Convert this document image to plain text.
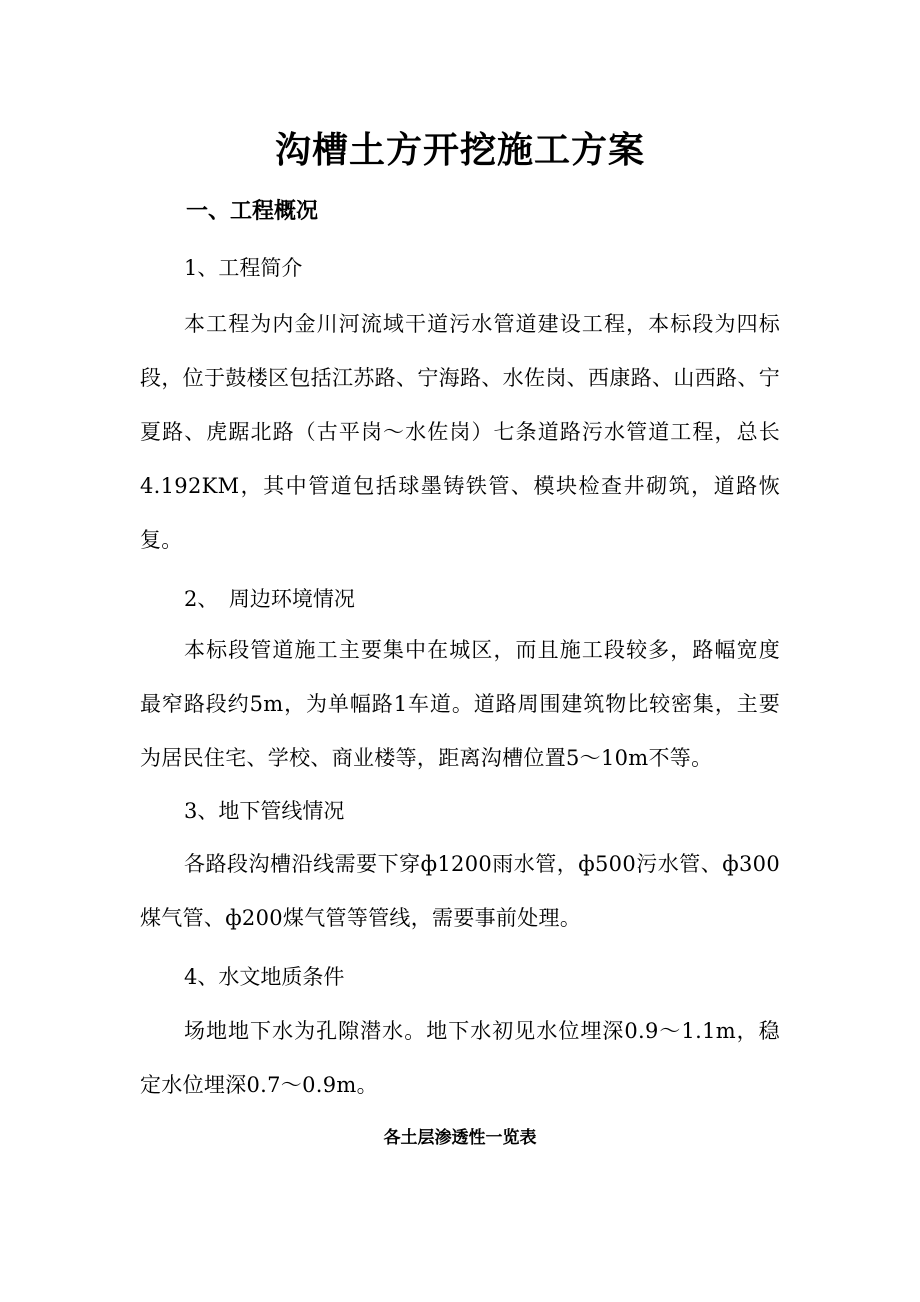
沟槽土方开挖施工方案
一、工程概况
1、工程简介

本工程为内金川河流域干道污水管道建设工程，本标段为四标段，位于鼓楼区包括江苏路、宁海路、水佐岗、西康路、山西路、宁夏路、虎踞北路（古平岗～水佐岗）七条道路污水管道工程，总长4.192KM，其中管道包括球墨铸铁管、模块检查井砌筑，道路恢复。

2、　周边环境情况

本标段管道施工主要集中在城区，而且施工段较多，路幅宽度最窄路段约5m，为单幅路1车道。道路周围建筑物比较密集，主要为居民住宅、学校、商业楼等，距离沟槽位置5～10m不等。

3、地下管线情况

各路段沟槽沿线需要下穿ф1200雨水管，ф500污水管、ф300煤气管、ф200煤气管等管线，需要事前处理。

4、水文地质条件

场地地下水为孔隙潜水。地下水初见水位埋深0.9～1.1m，稳定水位埋深0.7～0.9m。

各土层渗透性一览表
